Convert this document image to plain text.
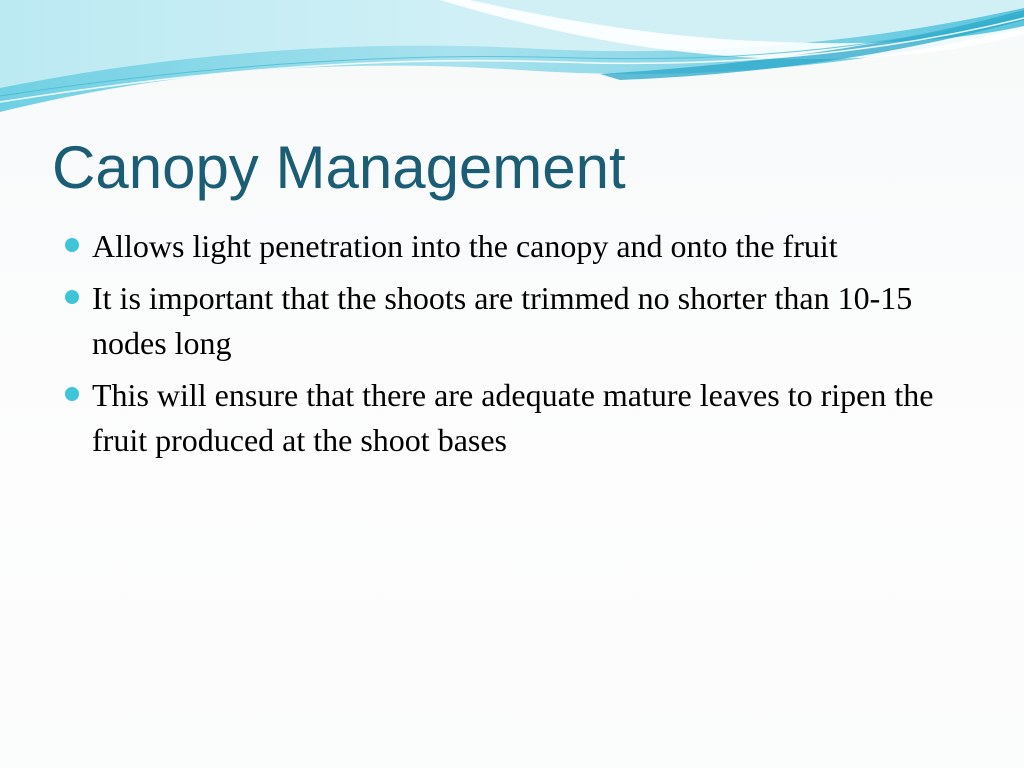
Canopy Management
Allows light penetration into the canopy and onto the fruit
It is important that the shoots are trimmed no shorter than 10-15 nodes long
This will ensure that there are adequate mature leaves to ripen the fruit produced at the shoot bases
